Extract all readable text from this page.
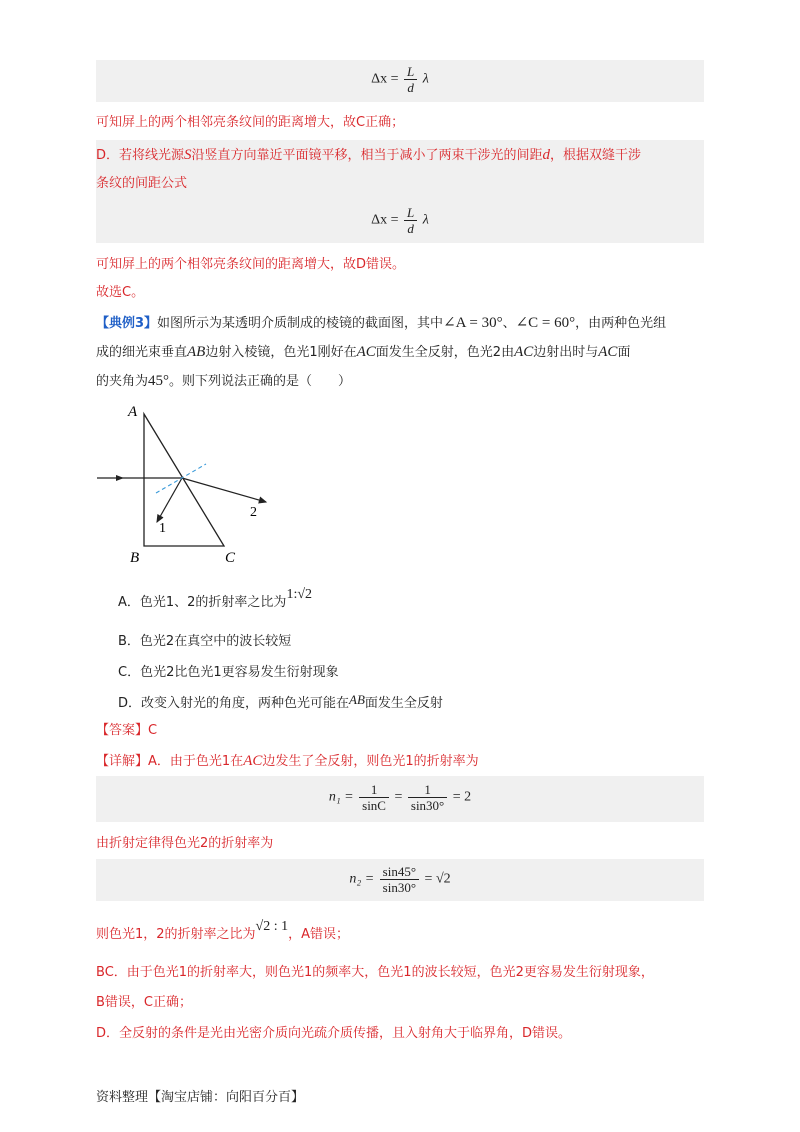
$\Delta x = \frac{L}{d}$ λ
可知屏上的两个相邻亮条纹间的距离增大，故C正确；
D．若将线光源S沿竖直方向靠近平面镜平移，相当于减小了两束干涉光的间距d，根据双缝干涉
条纹的间距公式
$\Delta x = \frac{L}{d}$ λ
可知屏上的两个相邻亮条纹间的距离增大，故D错误。
故选C。
【典例3】如图所示为某透明介质制成的棱镜的截面图，其中∠A = 30°、∠C = 60°，由两种色光组
成的细光束垂直AB边射入棱镜，色光1刚好在AC面发生全反射，色光2由AC边射出时与AC面
的夹角为45°。则下列说法正确的是（　　）
A
B	C
1
2
A．色光1、2的折射率之比为1:√2
B．色光2在真空中的波长较短
C．色光2比色光1更容易发生衍射现象
D．改变入射光的角度，两种色光可能在AB面发生全反射
【答案】C
【详解】A．由于色光1在AC边发生了全反射，则色光1的折射率为
$n_1 = \frac{1}{\sin C} = \frac{1}{\sin 30^\circ} = 2$
由折射定律得色光2的折射率为
$n_2 = \frac{\sin 45^\circ}{\sin 30^\circ} = √2$
则色光1，2的折射率之比为√2 : 1，A错误；
BC．由于色光1的折射率大，则色光1的频率大，色光1的波长较短，色光2更容易发生衍射现象，
B错误，C正确；
D．全反射的条件是光由光密介质向光疏介质传播，且入射角大于临界角，D错误。
资料整理【淘宝店铺：向阳百分百】
